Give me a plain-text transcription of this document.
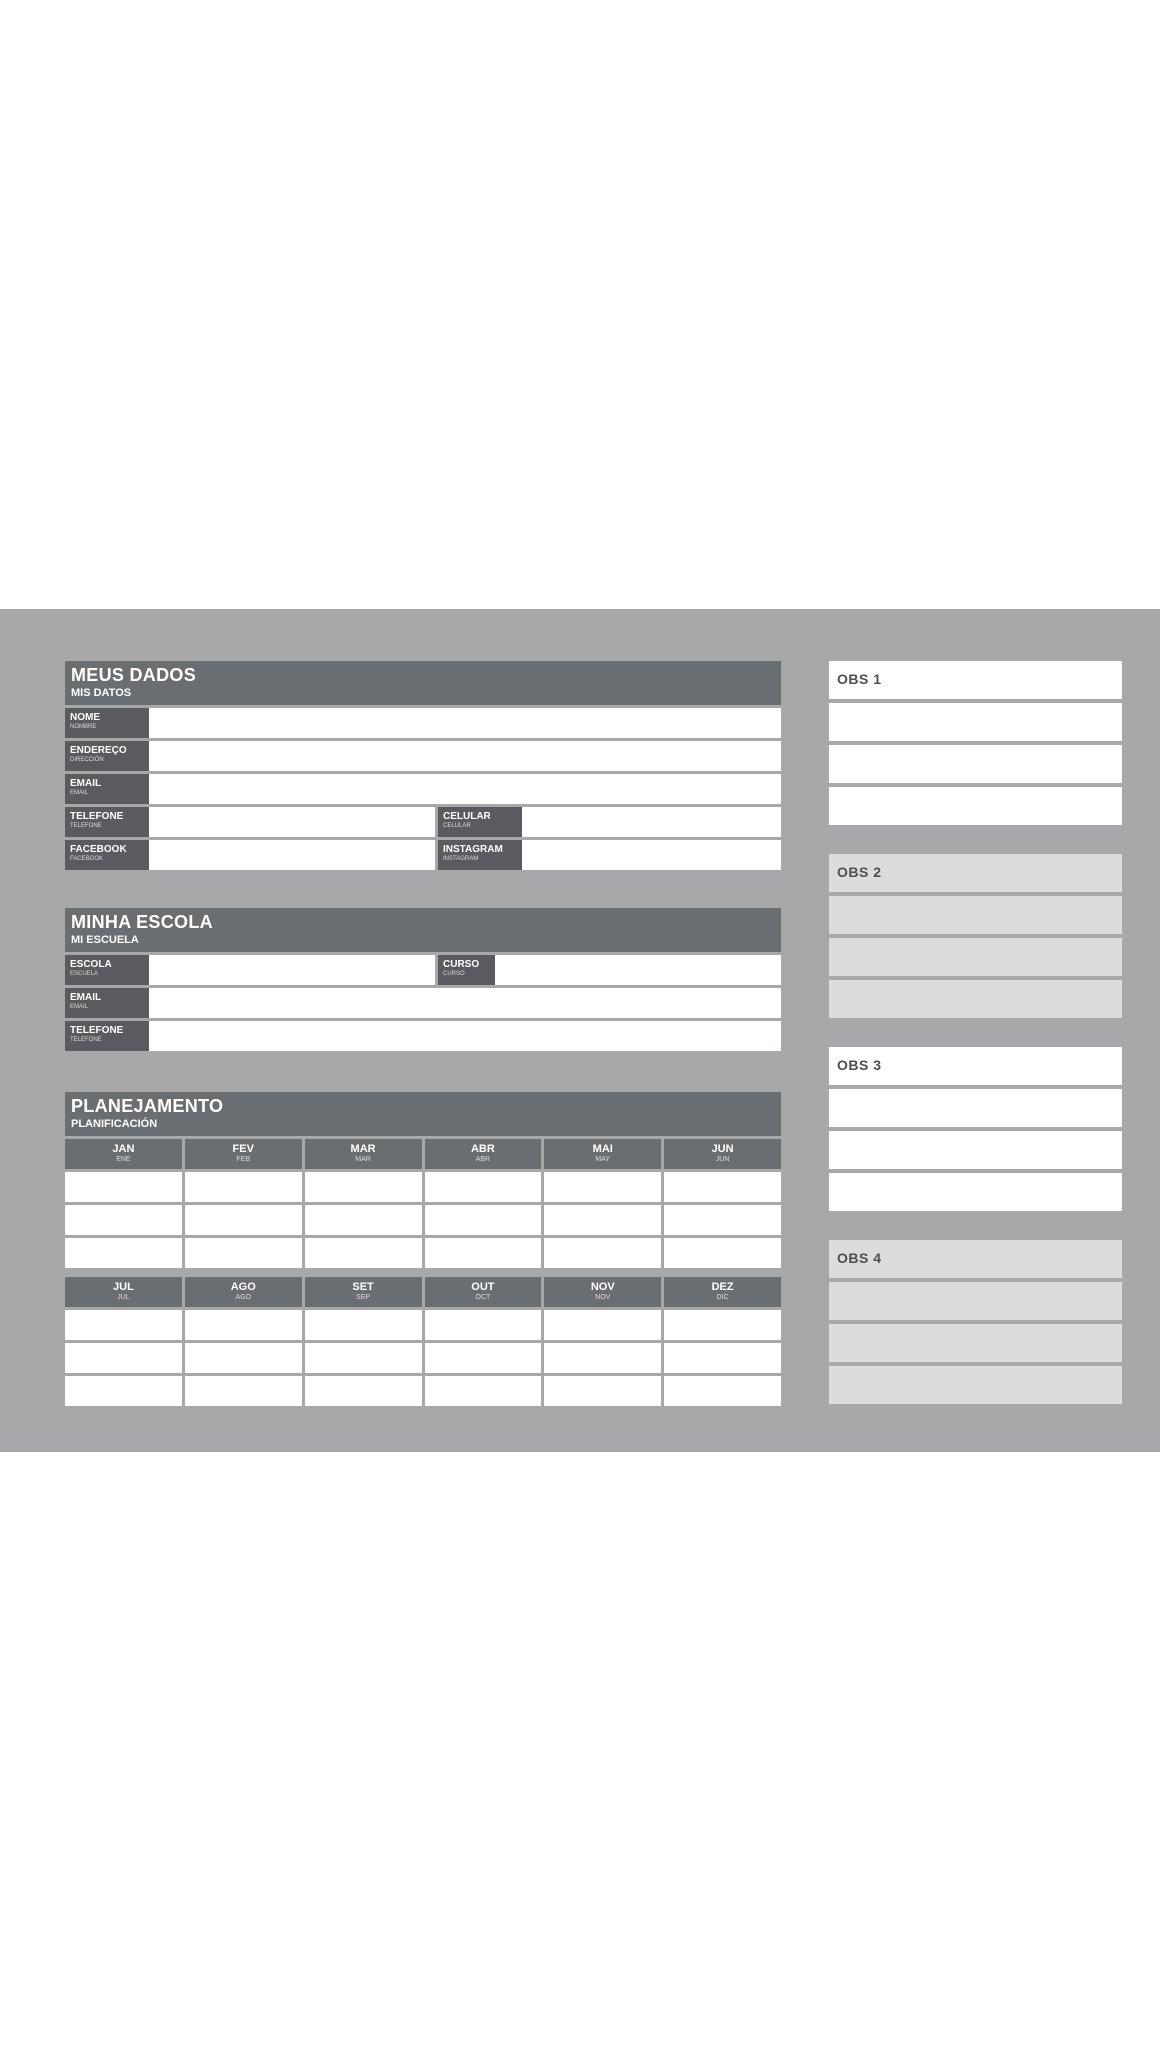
MEUS DADOS
MIS DATOS
NOME
NOMBRE
ENDEREÇO
DIRECCIÓN
EMAIL
EMAIL
TELEFONE
TELEFONE
CELULAR
CELULAR
FACEBOOK
FACEBOOK
INSTAGRAM
INSTAGRAM
MINHA ESCOLA
MI ESCUELA
ESCOLA
ESCUELA
CURSO
CURSO
EMAIL
EMAIL
TELEFONE
TELEFONE
PLANEJAMENTO
PLANIFICACIÓN
JAN
ENE
FEV
FEB
MAR
MAR
ABR
ABR
MAI
MAY
JUN
JUN
JUL
JUL
AGO
AGO
SET
SEP
OUT
OCT
NOV
NOV
DEZ
DIC
OBS 1
OBS 2
OBS 3
OBS 4
